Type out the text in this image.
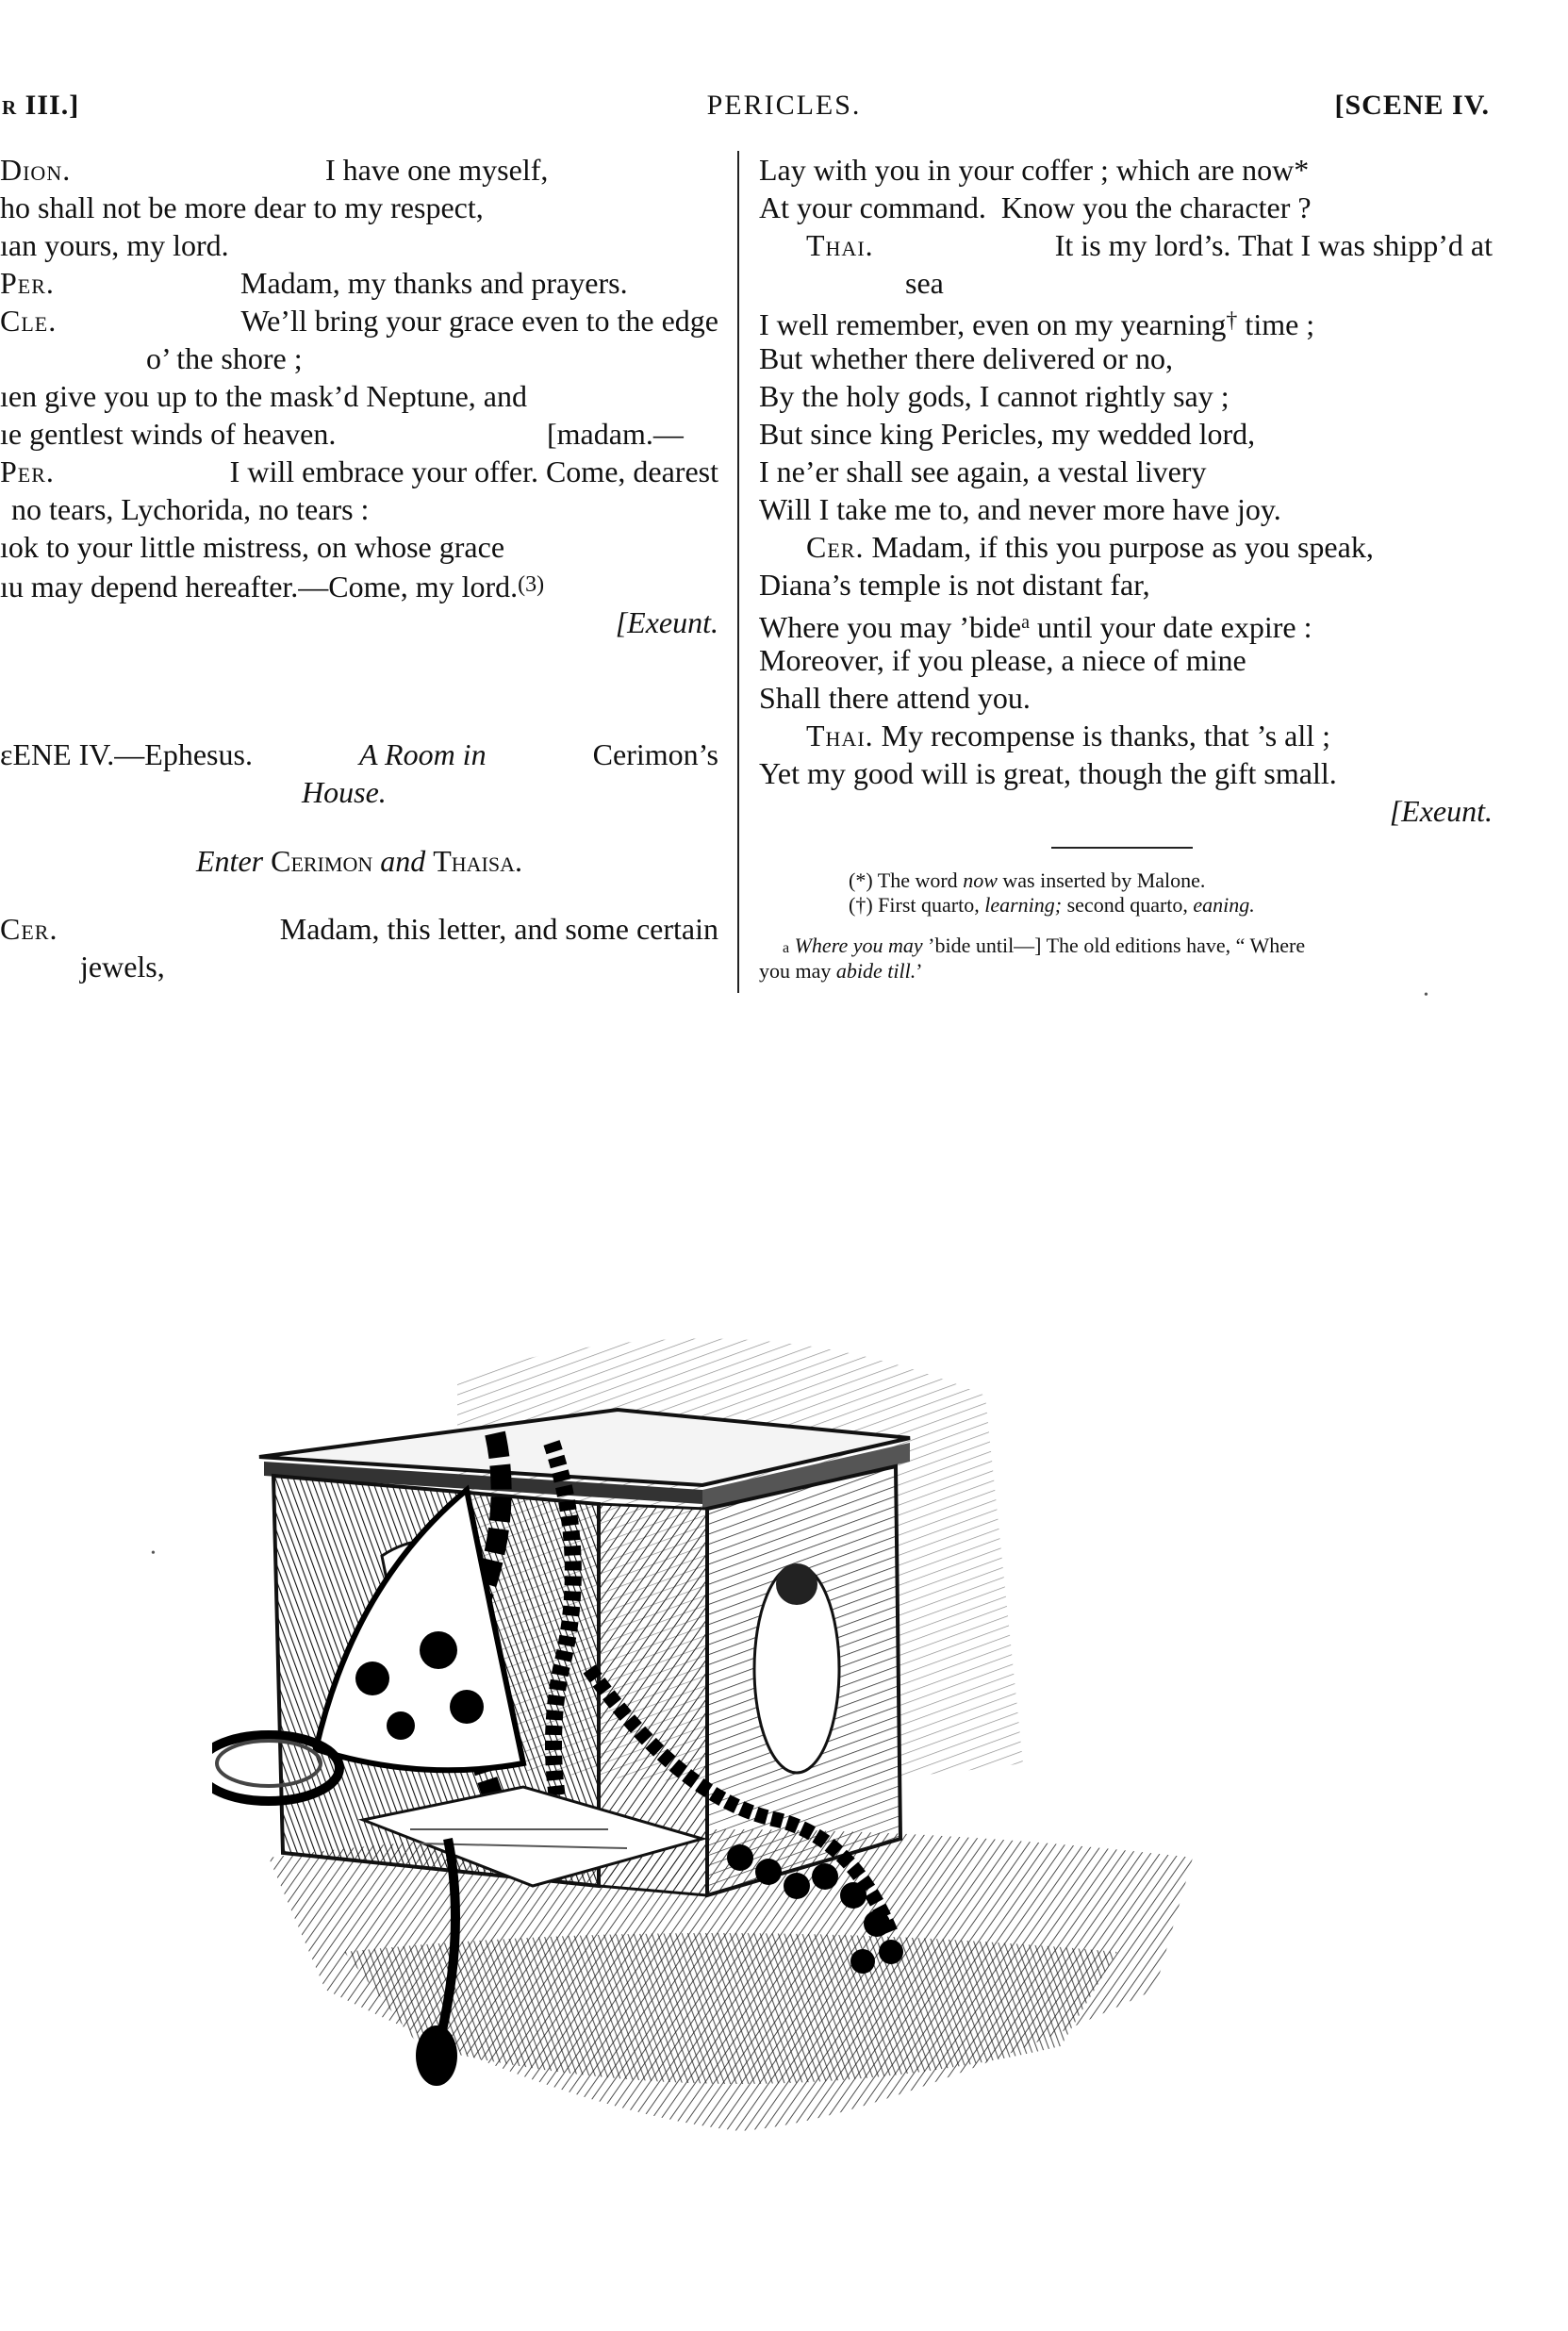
r III.]	PERICLES.	[SCENE IV.
Dion.	I have one myself,
ho shall not be more dear to my respect,
ıan yours, my lord.
Per.	Madam, my thanks and prayers.
Cle.	We’ll bring your grace even to the edge
o’ the shore ;
ıen give you up to the mask’d Neptune, and
ıe gentlest winds of heaven.	[madam.—
Per.	I will embrace your offer. Come, dearest
no tears, Lychorida, no tears :
ıok to your little mistress, on whose grace
ıu may depend hereafter.—Come, my lord.(3)
[Exeunt.
ɛENE IV.—Ephesus.	A Room in	Cerimon’s
House.
Enter Cerimon and Thaisa.
Cer.	Madam, this letter, and some certain
jewels,
Lay with you in your coffer ; which are now*
At your command.  Know you the character ?
Thai.	It is my lord’s. That I was shipp’d at
sea
I well remember, even on my yearning† time ;
But whether there delivered or no,
By the holy gods, I cannot rightly say ;
But since king Pericles, my wedded lord,
I ne’er shall see again, a vestal livery
Will I take me to, and never more have joy.
Cer. Madam, if this you purpose as you speak,
Diana’s temple is not distant far,
Where you may ’bide$^a$ until your date expire :
Moreover, if you please, a niece of mine
Shall there attend you.
Thai. My recompense is thanks, that ’s all ;
Yet my good will is great, though the gift small.
[Exeunt.
(*) The word now was inserted by Malone.
(†) First quarto, learning; second quarto, eaning.
a Where you may ’bide until—] The old editions have, “ Where
you may abide till.’
•
•
